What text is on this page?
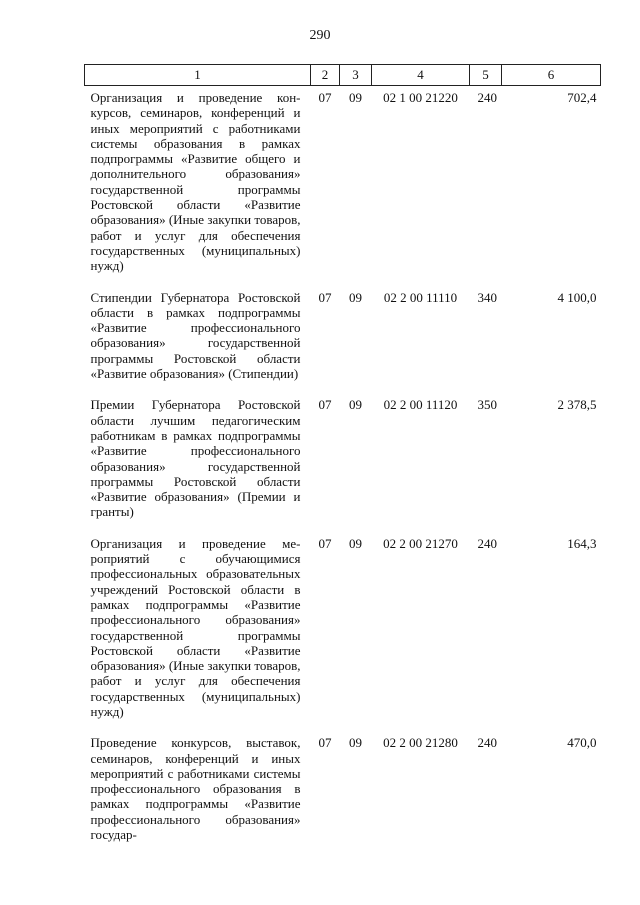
290
1	2	3	4	5	6
Организация и проведение конкурсов, семинаров, конференций и иных мероприятий с работниками системы образования в рамках подпрограммы «Развитие общего и дополнительного образования» государственной программы Ростовской области «Развитие образования» (Иные закупки товаров, работ и услуг для обеспечения государственных (муниципальных) нужд)	07	09	02 1 00 21220	240	702,4
Стипендии Губернатора Ростовской области в рамках подпрограммы «Развитие профессионального образования» государственной программы Ростовской области «Развитие образования» (Стипендии)	07	09	02 2 00 11110	340	4 100,0
Премии Губернатора Ростовской области лучшим педагогическим работникам в рамках подпрограммы «Развитие профессионального образования» государственной программы Ростовской области «Развитие образования» (Премии и гранты)	07	09	02 2 00 11120	350	2 378,5
Организация и проведение мероприятий с обучающимися профессиональных образовательных учреждений Ростовской области в рамках подпрограммы «Развитие профессионального образования» государственной программы Ростовской области «Развитие образования» (Иные закупки товаров, работ и услуг для обеспечения государственных (муниципальных) нужд)	07	09	02 2 00 21270	240	164,3
Проведение конкурсов, выставок, семинаров, конференций и иных мероприятий с работниками системы профессионального образования в рамках подпрограммы «Развитие профессионального образования» государ-	07	09	02 2 00 21280	240	470,0
